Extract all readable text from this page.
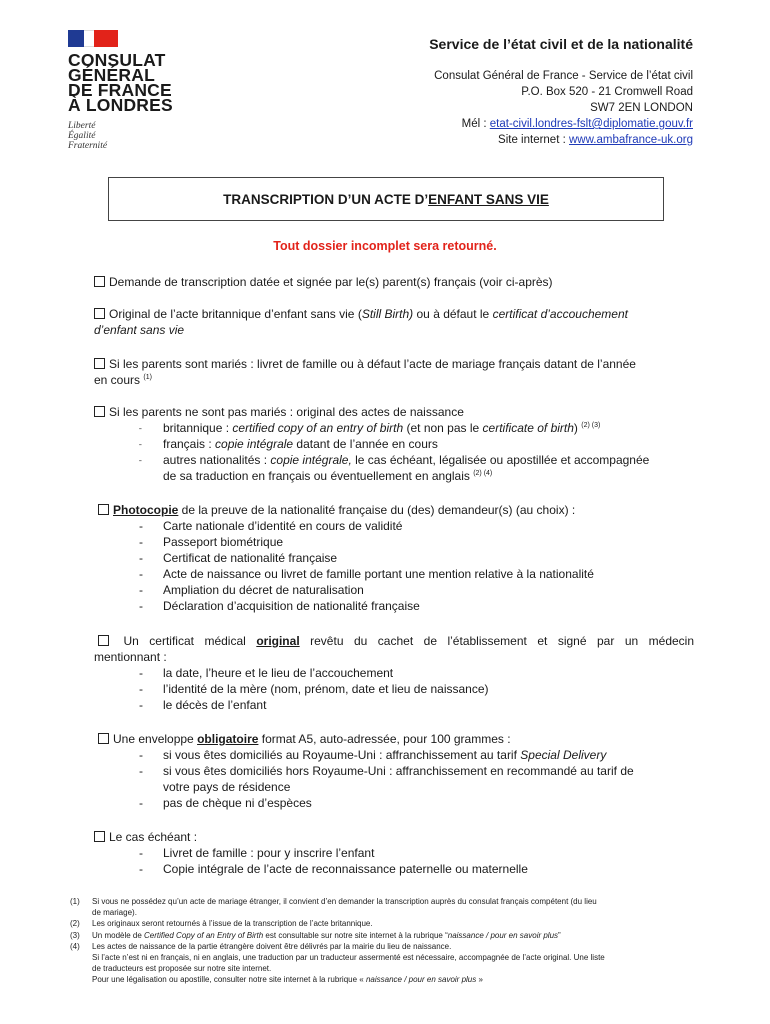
CONSULAT
GÉNÉRAL
DE FRANCE
À LONDRES
Liberté
Égalité
Fraternité
Service de l’état civil et de la nationalité
Consulat Général de France - Service de l’état civil
P.O. Box 520 - 21 Cromwell Road
SW7 2EN LONDON
Mél : etat-civil.londres-fslt@diplomatie.gouv.fr
Site internet : www.ambafrance-uk.org
TRANSCRIPTION D’UN ACTE D’ENFANT SANS VIE
Tout dossier incomplet sera retourné.
Demande de transcription datée et signée par le(s) parent(s) français (voir ci-après)
Original de l’acte britannique d’enfant sans vie (Still Birth) ou à défaut le certificat d’accouchement
d’enfant sans vie
Si les parents sont mariés : livret de famille ou à défaut l’acte de mariage français datant de l’année
en cours $^{(1)}$
Si les parents ne sont pas mariés : original des actes de naissance
˗	britannique : certified copy of an entry of birth (et non pas le certificate of birth) $^{(2) (3)}$
˗	français : copie intégrale datant de l’année en cours
˗	autres nationalités : copie intégrale, le cas échéant, légalisée ou apostillée et accompagnée
de sa traduction en français ou éventuellement en anglais $^{(2) (4)}$
Photocopie de la preuve de la nationalité française du (des) demandeur(s) (au choix) :
-	Carte nationale d’identité en cours de validité
-	Passeport biométrique
-	Certificat de nationalité française
-	Acte de naissance ou livret de famille portant une mention relative à la nationalité
-	Ampliation du décret de naturalisation
-	Déclaration d’acquisition de nationalité française
Un certificat médical original revêtu du cachet de l’établissement et signé par un médecin
mentionnant :
-	la date, l’heure et le lieu de l’accouchement
-	l’identité de la mère (nom, prénom, date et lieu de naissance)
-	le décès de l’enfant
Une enveloppe obligatoire format A5, auto-adressée, pour 100 grammes :
-	si vous êtes domiciliés au Royaume-Uni : affranchissement au tarif Special Delivery
-	si vous êtes domiciliés hors Royaume-Uni : affranchissement en recommandé au tarif de
votre pays de résidence
-	pas de chèque ni d’espèces
Le cas échéant :
-	Livret de famille : pour y inscrire l’enfant
-	Copie intégrale de l’acte de reconnaissance paternelle ou maternelle
(1)	Si vous ne possédez qu’un acte de mariage étranger, il convient d’en demander la transcription auprès du consulat français compétent (du lieu
de mariage).
(2)	Les originaux seront retournés à l’issue de la transcription de l’acte britannique.
(3)	Un modèle de Certified Copy of an Entry of Birth est consultable sur notre site internet à la rubrique “naissance / pour en savoir plus”
(4)	Les actes de naissance de la partie étrangère doivent être délivrés par la mairie du lieu de naissance.
Si l’acte n’est ni en français, ni en anglais, une traduction par un traducteur assermenté est nécessaire, accompagnée de l’acte original. Une liste
de traducteurs est proposée sur notre site internet.
Pour une légalisation ou apostille, consulter notre site internet à la rubrique « naissance / pour en savoir plus »
